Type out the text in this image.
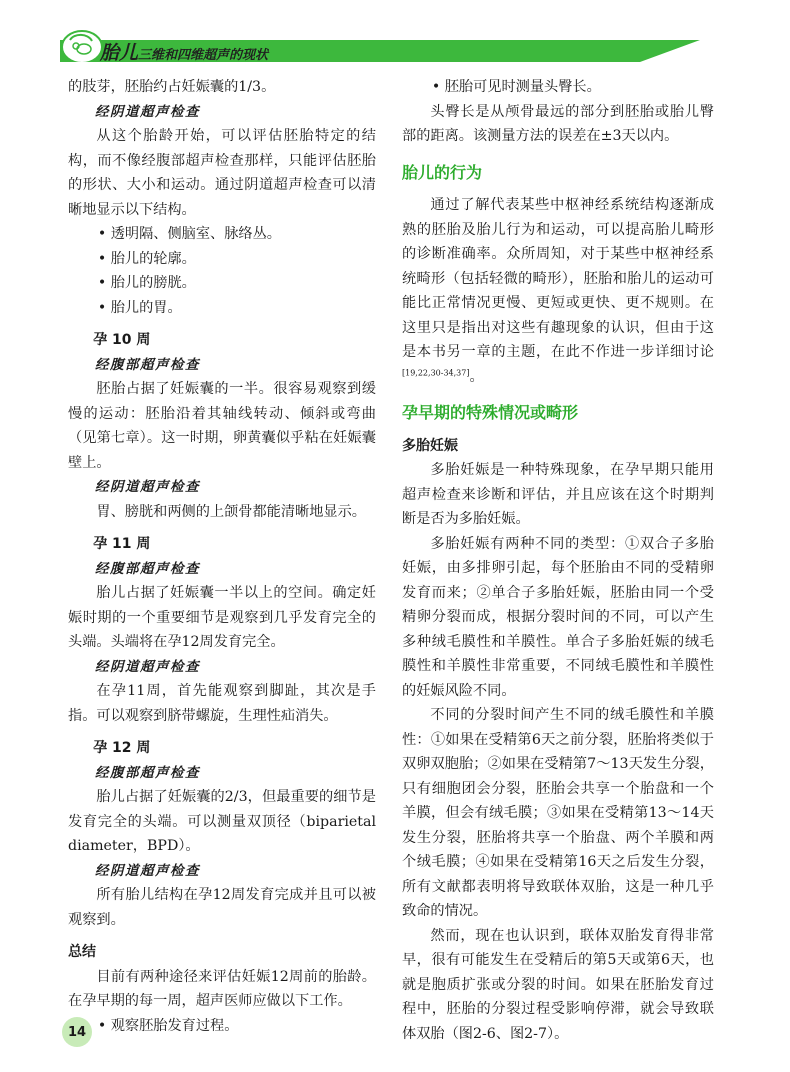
胎儿三维和四维超声的现状

的肢芽，胚胎约占妊娠囊的1/3。

经阴道超声检查

从这个胎龄开始，可以评估胚胎特定的结构，而不像经腹部超声检查那样，只能评估胚胎的形状、大小和运动。通过阴道超声检查可以清晰地显示以下结构。

• 透明隔、侧脑室、脉络丛。
• 胎儿的轮廓。
• 胎儿的膀胱。
• 胎儿的胃。
孕 10 周
经腹部超声检查

胚胎占据了妊娠囊的一半。很容易观察到缓慢的运动：胚胎沿着其轴线转动、倾斜或弯曲（见第七章）。这一时期，卵黄囊似乎粘在妊娠囊壁上。

经阴道超声检查

胃、膀胱和两侧的上颌骨都能清晰地显示。

孕 11 周
经腹部超声检查

胎儿占据了妊娠囊一半以上的空间。确定妊娠时期的一个重要细节是观察到几乎发育完全的头端。头端将在孕12周发育完全。

经阴道超声检查

在孕11周，首先能观察到脚趾，其次是手指。可以观察到脐带螺旋，生理性疝消失。

孕 12 周
经腹部超声检查

胎儿占据了妊娠囊的2/3，但最重要的细节是发育完全的头端。可以测量双顶径（biparietal diameter，BPD）。

经阴道超声检查

所有胎儿结构在孕12周发育完成并且可以被观察到。

总结

目前有两种途径来评估妊娠12周前的胎龄。在孕早期的每一周，超声医师应做以下工作。

• 观察胚胎发育过程。
• 胚胎可见时测量头臀长。

头臀长是从颅骨最远的部分到胚胎或胎儿臀部的距离。该测量方法的误差在±3天以内。

胎儿的行为

通过了解代表某些中枢神经系统结构逐渐成熟的胚胎及胎儿行为和运动，可以提高胎儿畸形的诊断准确率。众所周知，对于某些中枢神经系统畸形（包括轻微的畸形），胚胎和胎儿的运动可能比正常情况更慢、更短或更快、更不规则。在这里只是指出对这些有趣现象的认识，但由于这是本书另一章的主题，在此不作进一步详细讨论[19,22,30-34,37]。

孕早期的特殊情况或畸形
多胎妊娠

多胎妊娠是一种特殊现象，在孕早期只能用超声检查来诊断和评估，并且应该在这个时期判断是否为多胎妊娠。

多胎妊娠有两种不同的类型：①双合子多胎妊娠，由多排卵引起，每个胚胎由不同的受精卵发育而来；②单合子多胎妊娠，胚胎由同一个受精卵分裂而成，根据分裂时间的不同，可以产生多种绒毛膜性和羊膜性。单合子多胎妊娠的绒毛膜性和羊膜性非常重要，不同绒毛膜性和羊膜性的妊娠风险不同。

不同的分裂时间产生不同的绒毛膜性和羊膜性：①如果在受精第6天之前分裂，胚胎将类似于双卵双胞胎；②如果在受精第7～13天发生分裂，只有细胞团会分裂，胚胎会共享一个胎盘和一个羊膜，但会有绒毛膜；③如果在受精第13～14天发生分裂，胚胎将共享一个胎盘、两个羊膜和两个绒毛膜；④如果在受精第16天之后发生分裂，所有文献都表明将导致联体双胎，这是一种几乎致命的情况。

然而，现在也认识到，联体双胎发育得非常早，很有可能发生在受精后的第5天或第6天，也就是胞质扩张或分裂的时间。如果在胚胎发育过程中，胚胎的分裂过程受影响停滞，就会导致联体双胎（图2-6、图2-7）。

14
